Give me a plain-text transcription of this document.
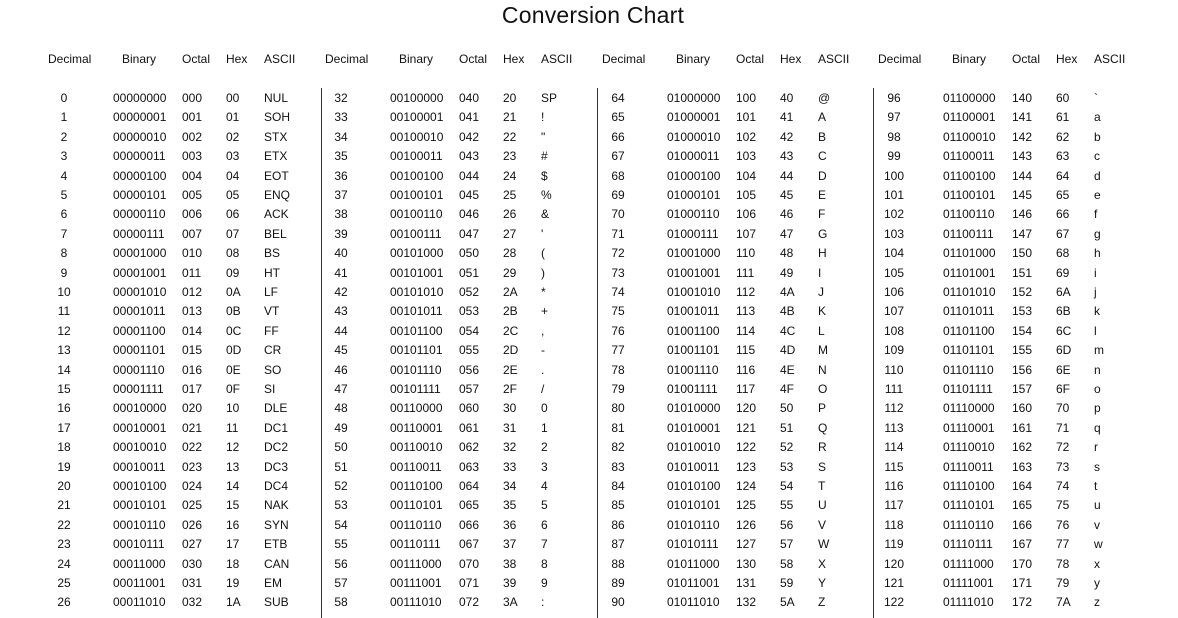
Conversion Chart
Decimal	Binary Octal Hex ASCII
0	00000000	000	00	NUL
1	00000001	001	01	SOH
2	00000010	002	02	STX
3	00000011	003	03	ETX
4	00000100	004	04	EOT
5	00000101	005	05	ENQ
6	00000110	006	06	ACK
7	00000111	007	07	BEL
8	00001000	010	08	BS
9	00001001	011	09	HT
10	00001010	012	0A	LF
11	00001011	013	0B	VT
12	00001100	014	0C	FF
13	00001101	015	0D	CR
14	00001110	016	0E	SO
15	00001111	017	0F	SI
16	00010000	020	10	DLE
17	00010001	021	11	DC1
18	00010010	022	12	DC2
19	00010011	023	13	DC3
20	00010100	024	14	DC4
21	00010101	025	15	NAK
22	00010110	026	16	SYN
23	00010111	027	17	ETB
24	00011000	030	18	CAN
25	00011001	031	19	EM
26	00011010	032	1A	SUB
Decimal	Binary Octal Hex ASCII
32	00100000	040	20	SP
33	00100001	041	21	!
34	00100010	042	22	"
35	00100011	043	23	#
36	00100100	044	24	$
37	00100101	045	25	%
38	00100110	046	26	&
39	00100111	047	27	'
40	00101000	050	28	(
41	00101001	051	29	)
42	00101010	052	2A	*
43	00101011	053	2B	+
44	00101100	054	2C	,
45	00101101	055	2D	-
46	00101110	056	2E	.
47	00101111	057	2F	/
48	00110000	060	30	0
49	00110001	061	31	1
50	00110010	062	32	2
51	00110011	063	33	3
52	00110100	064	34	4
53	00110101	065	35	5
54	00110110	066	36	6
55	00110111	067	37	7
56	00111000	070	38	8
57	00111001	071	39	9
58	00111010	072	3A	:
Decimal	Binary Octal Hex ASCII
64	01000000	100	40	@
65	01000001	101	41	A
66	01000010	102	42	B
67	01000011	103	43	C
68	01000100	104	44	D
69	01000101	105	45	E
70	01000110	106	46	F
71	01000111	107	47	G
72	01001000	110	48	H
73	01001001	111	49	I
74	01001010	112	4A	J
75	01001011	113	4B	K
76	01001100	114	4C	L
77	01001101	115	4D	M
78	01001110	116	4E	N
79	01001111	117	4F	O
80	01010000	120	50	P
81	01010001	121	51	Q
82	01010010	122	52	R
83	01010011	123	53	S
84	01010100	124	54	T
85	01010101	125	55	U
86	01010110	126	56	V
87	01010111	127	57	W
88	01011000	130	58	X
89	01011001	131	59	Y
90	01011010	132	5A	Z
Decimal	Binary Octal Hex ASCII
96	01100000	140	60	`
97	01100001	141	61	a
98	01100010	142	62	b
99	01100011	143	63	c
100	01100100	144	64	d
101	01100101	145	65	e
102	01100110	146	66	f
103	01100111	147	67	g
104	01101000	150	68	h
105	01101001	151	69	i
106	01101010	152	6A	j
107	01101011	153	6B	k
108	01101100	154	6C	l
109	01101101	155	6D	m
110	01101110	156	6E	n
111	01101111	157	6F	o
112	01110000	160	70	p
113	01110001	161	71	q
114	01110010	162	72	r
115	01110011	163	73	s
116	01110100	164	74	t
117	01110101	165	75	u
118	01110110	166	76	v
119	01110111	167	77	w
120	01111000	170	78	x
121	01111001	171	79	y
122	01111010	172	7A	z
